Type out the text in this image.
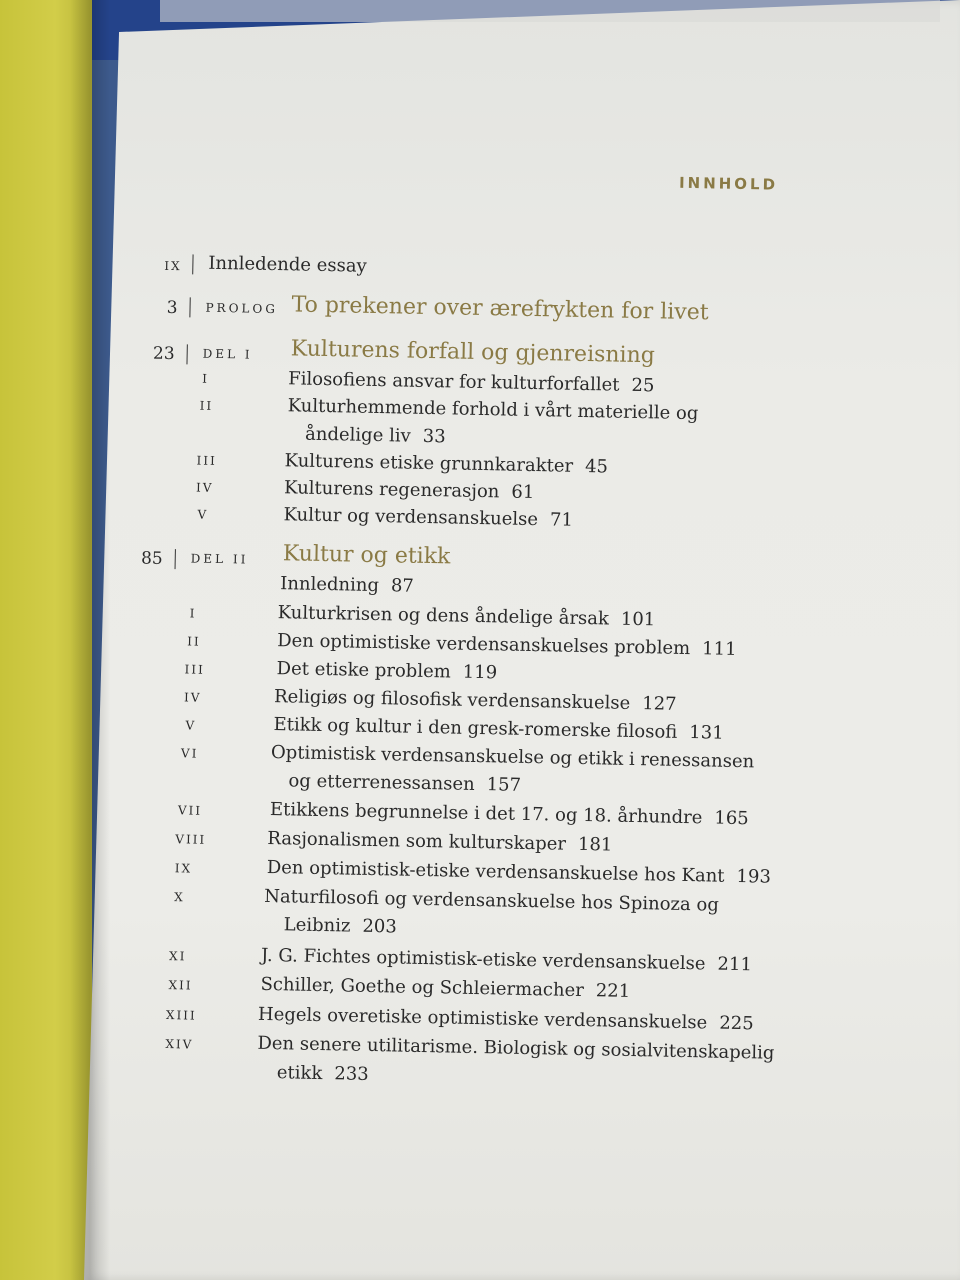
INNHOLD
IX Innledende essay
3 PROLOG To prekener over ærefrykten for livet
23 DEL I Kulturens forfall og gjenreisning
I	Filosofiens ansvar for kulturforfallet 25
II	Kulturhemmende forhold i vårt materielle og
åndelige liv 33
III	Kulturens etiske grunnkarakter 45
IV	Kulturens regenerasjon 61
V	Kultur og verdensanskuelse 71
85 DEL II Kultur og etikk
Innledning 87
I	Kulturkrisen og dens åndelige årsak 101
II	Den optimistiske verdensanskuelses problem 111
III	Det etiske problem 119
IV	Religiøs og filosofisk verdensanskuelse 127
V	Etikk og kultur i den gresk-romerske filosofi 131
VI	Optimistisk verdensanskuelse og etikk i renessansen
og etterrenessansen 157
VII	Etikkens begrunnelse i det 17. og 18. århundre 165
VIII	Rasjonalismen som kulturskaper 181
IX	Den optimistisk-etiske verdensanskuelse hos Kant 193
X	Naturfilosofi og verdensanskuelse hos Spinoza og
Leibniz 203
XI	J. G. Fichtes optimistisk-etiske verdensanskuelse 211
XII	Schiller, Goethe og Schleiermacher 221
XIII	Hegels overetiske optimistiske verdensanskuelse 225
XIV	Den senere utilitarisme. Biologisk og sosialvitenskapelig
etikk 233
